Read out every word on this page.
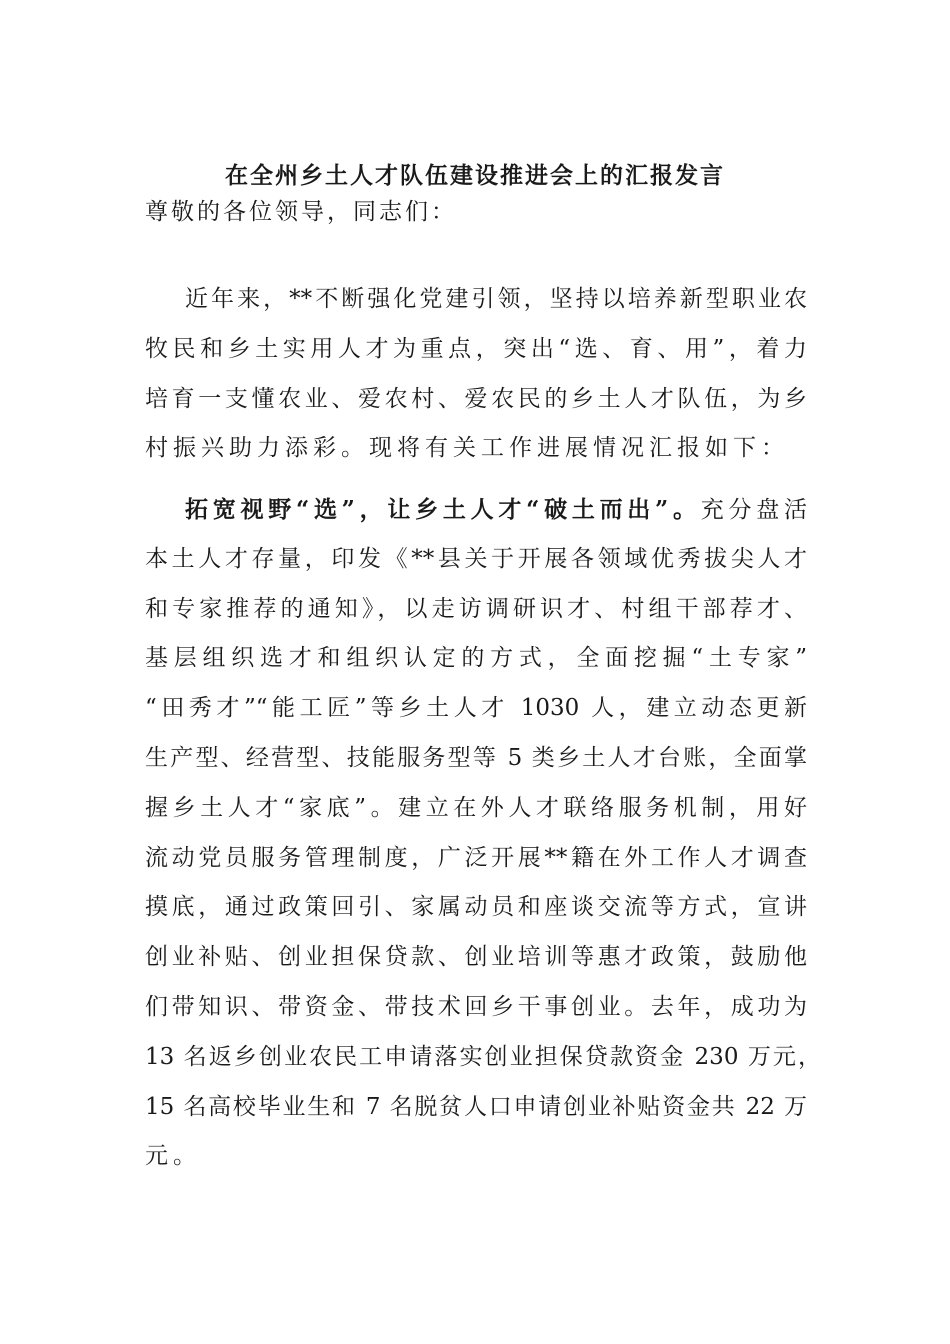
在全州乡土人才队伍建设推进会上的汇报发言
尊敬的各位领导，同志们：
近年来，**不断强化党建引领，坚持以培养新型职业农
牧民和乡土实用人才为重点，突出“选、育、用”，着力
培育一支懂农业、爱农村、爱农民的乡土人才队伍，为乡
村振兴助力添彩。现将有关工作进展情况汇报如下：
拓宽视野“选”，让乡土人才“破土而出”。充分盘活
本土人才存量，印发《**县关于开展各领域优秀拔尖人才
和专家推荐的通知》，以走访调研识才、村组干部荐才、
基层组织选才和组织认定的方式，全面挖掘“土专家”
“田秀才”“能工匠”等乡土人才 1030 人，建立动态更新
生产型、经营型、技能服务型等 5 类乡土人才台账，全面掌
握乡土人才“家底”。建立在外人才联络服务机制，用好
流动党员服务管理制度，广泛开展**籍在外工作人才调查
摸底，通过政策回引、家属动员和座谈交流等方式，宣讲
创业补贴、创业担保贷款、创业培训等惠才政策，鼓励他
们带知识、带资金、带技术回乡干事创业。去年，成功为
13 名返乡创业农民工申请落实创业担保贷款资金 230 万元，
15 名高校毕业生和 7 名脱贫人口申请创业补贴资金共 22 万
元。
